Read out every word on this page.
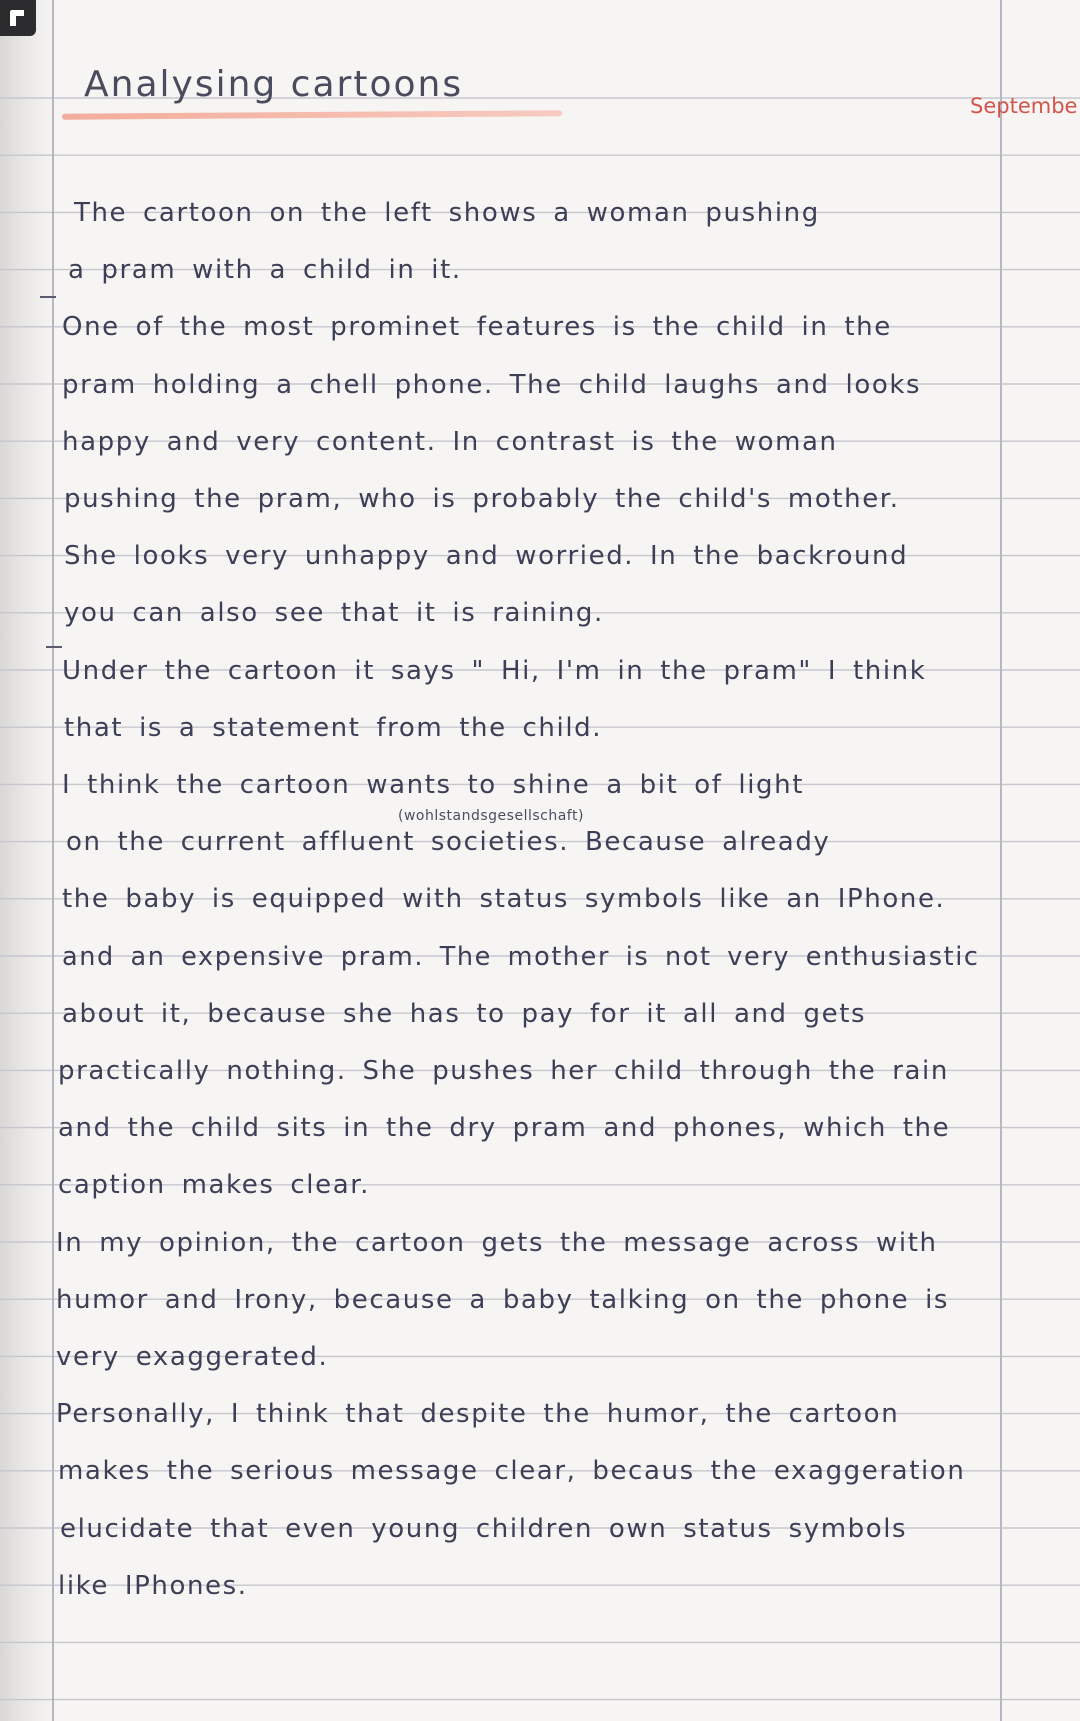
Analysing cartoons
Septembe
The cartoon on the left shows a woman pushing
a pram with a child in it.
One of the most prominet features is the child in the
pram holding a chell phone. The child laughs and looks
happy and very content. In contrast is the woman
pushing the pram, who is probably the child's mother.
She looks very unhappy and worried. In the backround
you can also see that it is raining.
Under the cartoon it says " Hi, I'm in the pram" I think
that is a statement from the child.
I think the cartoon wants to shine a bit of light
on the current affluent societies. Because already
the baby is equipped with status symbols like an IPhone.
and an expensive pram. The mother is not very enthusiastic
about it, because she has to pay for it all and gets
practically nothing. She pushes her child through the rain
and the child sits in the dry pram and phones, which the
caption makes clear.
In my opinion, the cartoon gets the message across with
humor and Irony, because a baby talking on the phone is
very exaggerated.
Personally, I think that despite the humor, the cartoon
makes the serious message clear, becaus the exaggeration
elucidate that even young children own status symbols
like IPhones.
(wohlstandsgesellschaft)
